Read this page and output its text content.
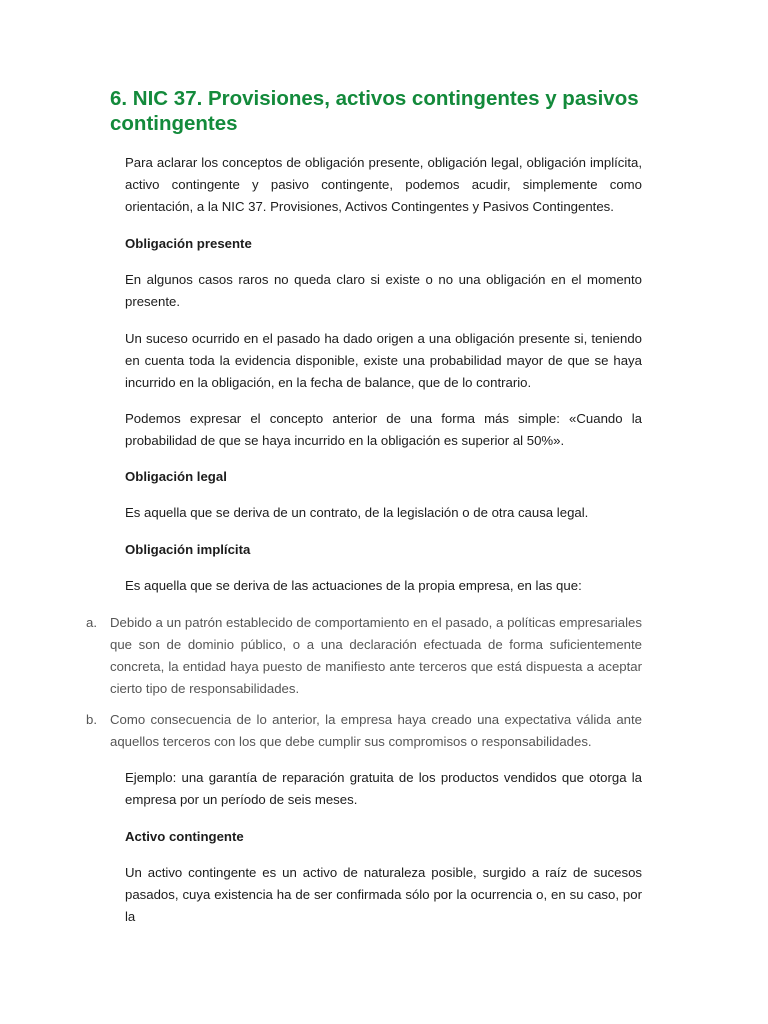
6. NIC 37. Provisiones, activos contingentes y pasivos contingentes

Para aclarar los conceptos de obligación presente, obligación legal, obligación implícita, activo contingente y pasivo contingente, podemos acudir, simplemente como orientación, a la NIC 37. Provisiones, Activos Contingentes y Pasivos Contingentes.

Obligación presente

En algunos casos raros no queda claro si existe o no una obligación en el momento presente.

Un suceso ocurrido en el pasado ha dado origen a una obligación presente si, teniendo en cuenta toda la evidencia disponible, existe una probabilidad mayor de que se haya incurrido en la obligación, en la fecha de balance, que de lo contrario.

Podemos expresar el concepto anterior de una forma más simple: «Cuando la probabilidad de que se haya incurrido en la obligación es superior al 50%».

Obligación legal

Es aquella que se deriva de un contrato, de la legislación o de otra causa legal.

Obligación implícita

Es aquella que se deriva de las actuaciones de la propia empresa, en las que:

a. Debido a un patrón establecido de comportamiento en el pasado, a políticas empresariales que son de dominio público, o a una declaración efectuada de forma suficientemente concreta, la entidad haya puesto de manifiesto ante terceros que está dispuesta a aceptar cierto tipo de responsabilidades.
b. Como consecuencia de lo anterior, la empresa haya creado una expectativa válida ante aquellos terceros con los que debe cumplir sus compromisos o responsabilidades.

Ejemplo: una garantía de reparación gratuita de los productos vendidos que otorga la empresa por un período de seis meses.

Activo contingente

Un activo contingente es un activo de naturaleza posible, surgido a raíz de sucesos pasados, cuya existencia ha de ser confirmada sólo por la ocurrencia o, en su caso, por la
